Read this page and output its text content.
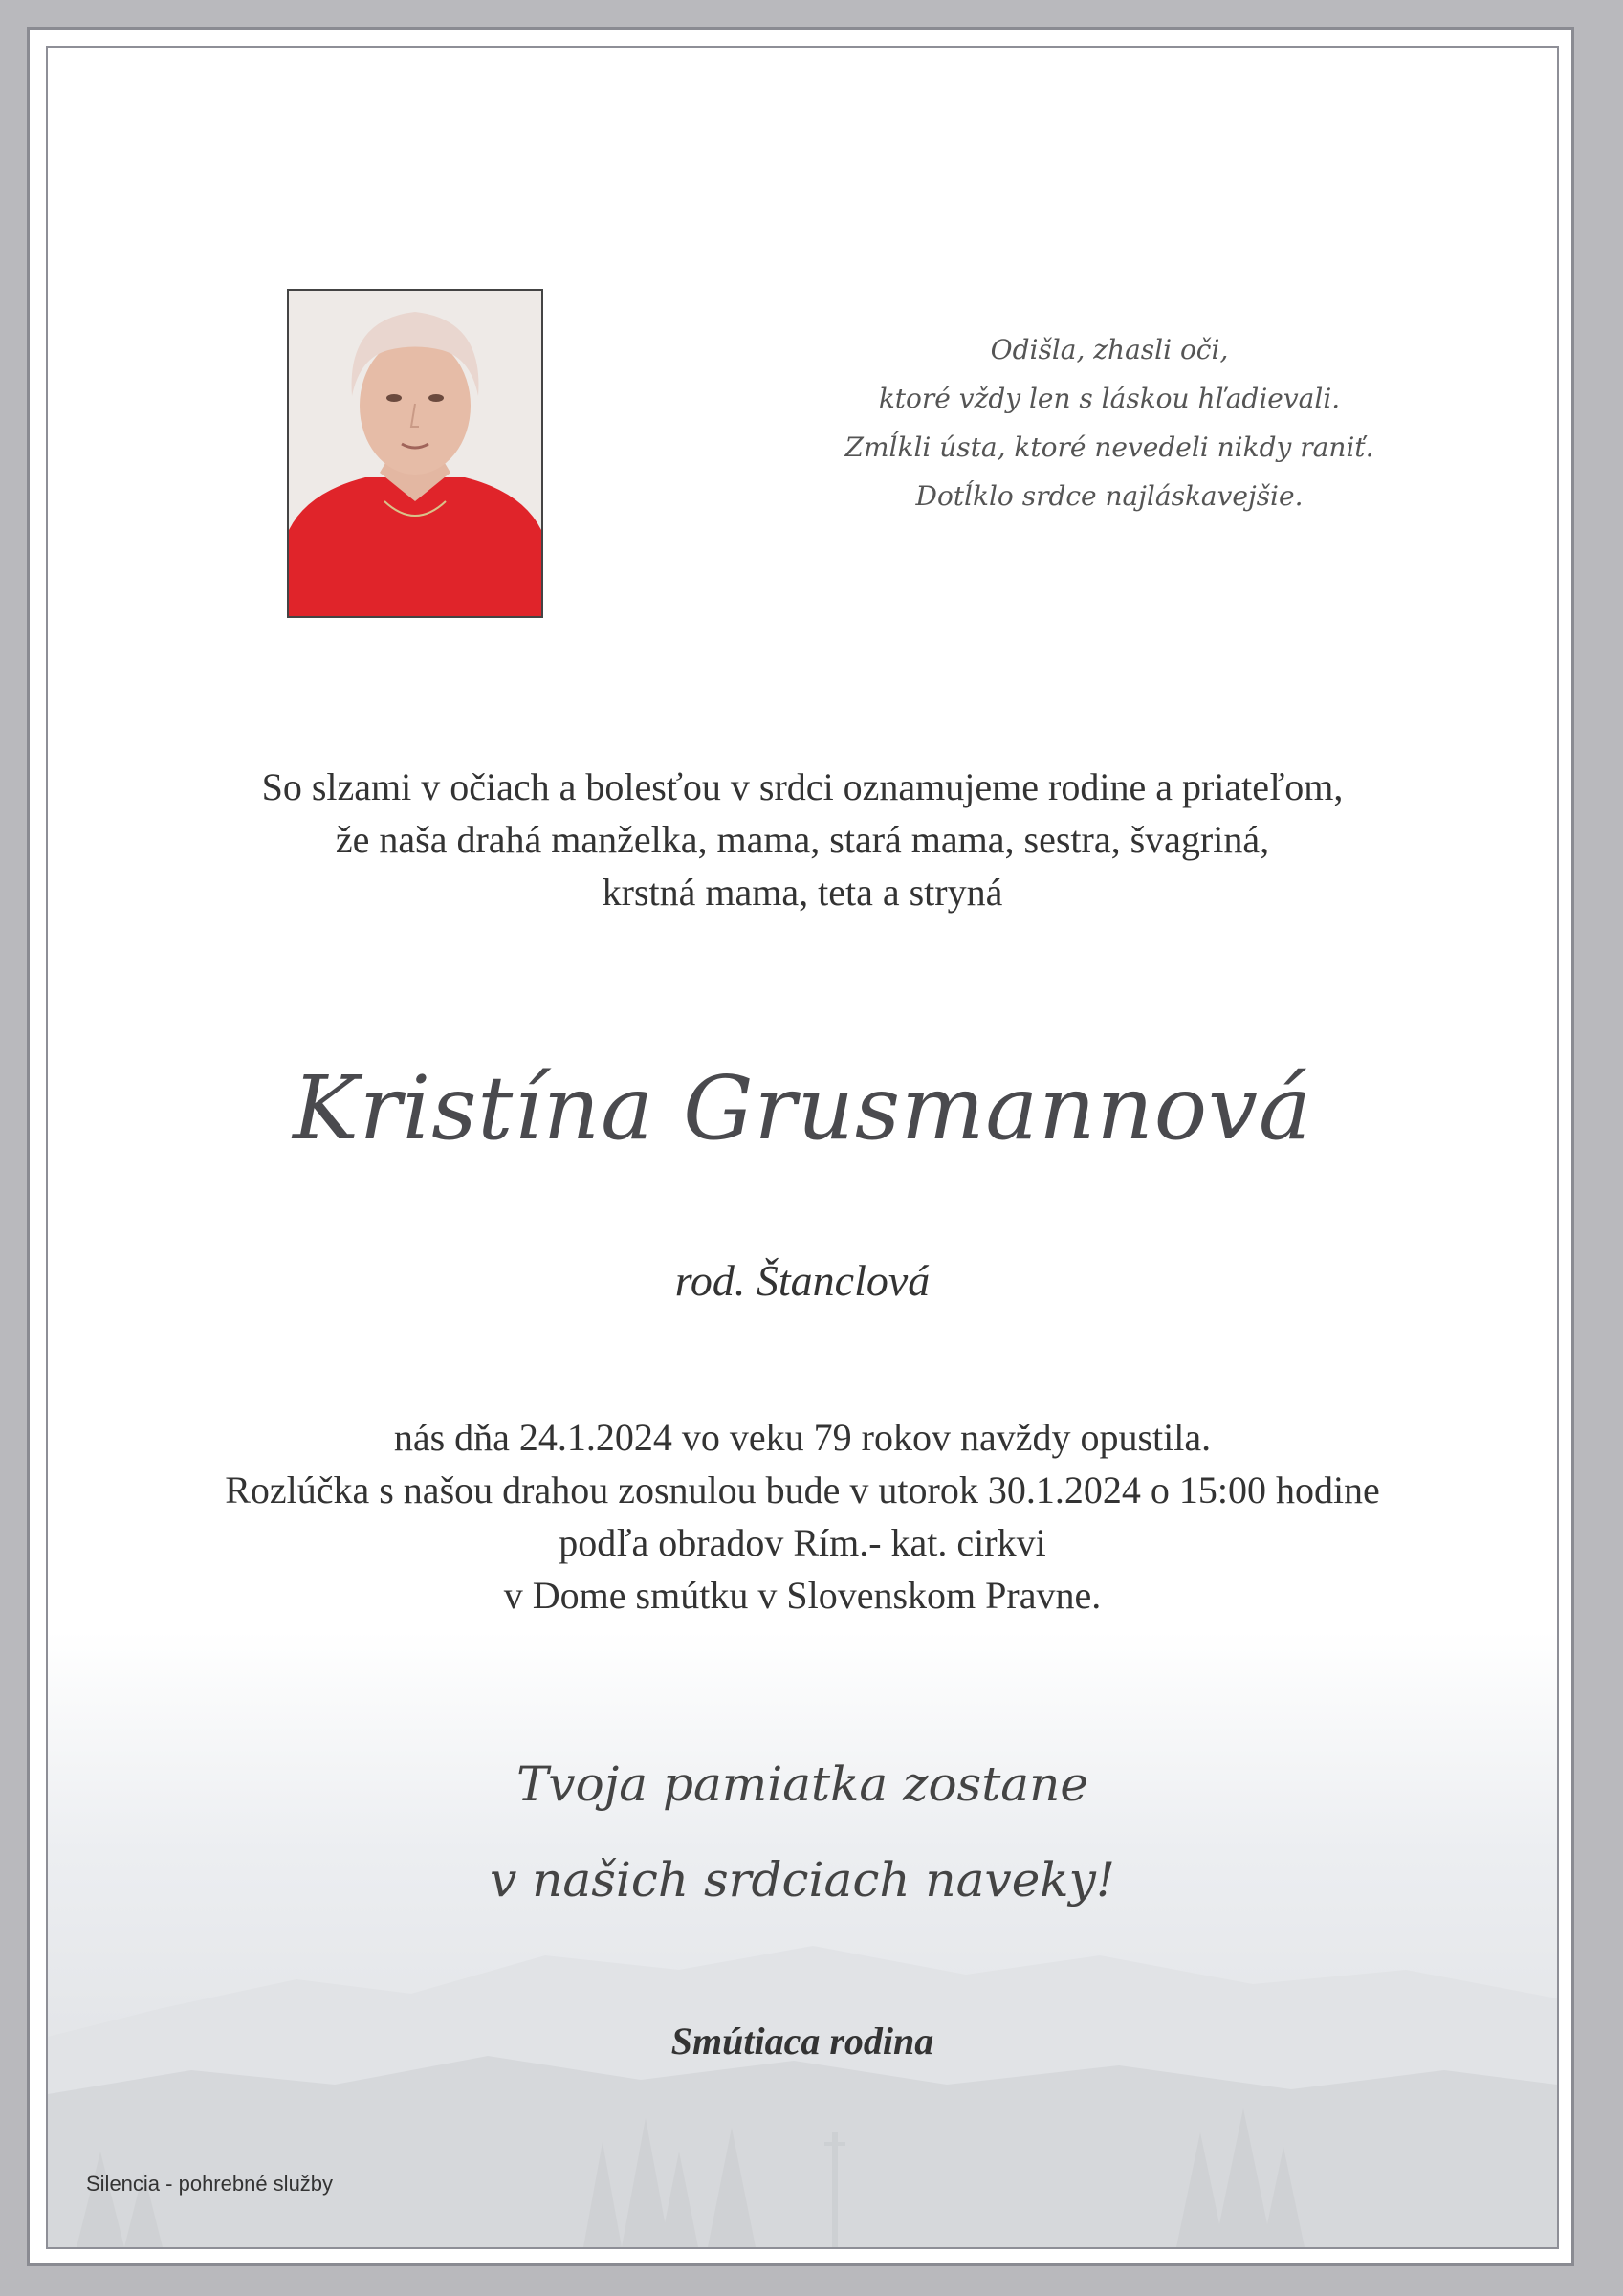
Odišla, zhasli oči,
ktoré vždy len s láskou hľadievali.
Zmĺkli ústa, ktoré nevedeli nikdy raniť.
Dotĺklo srdce najláskavejšie.
So slzami v očiach a bolesťou v srdci oznamujeme rodine a priateľom,
že naša drahá manželka, mama, stará mama, sestra, švagriná,
krstná mama, teta a stryná
Kristína Grusmannová
rod. Štanclová
nás dňa 24.1.2024 vo veku 79 rokov navždy opustila.
Rozlúčka s našou drahou zosnulou bude v utorok 30.1.2024 o 15:00 hodine
podľa obradov Rím.- kat. cirkvi
v Dome smútku v Slovenskom Pravne.
Tvoja pamiatka zostane
v našich srdciach naveky!
Smútiaca rodina
Silencia - pohrebné služby
